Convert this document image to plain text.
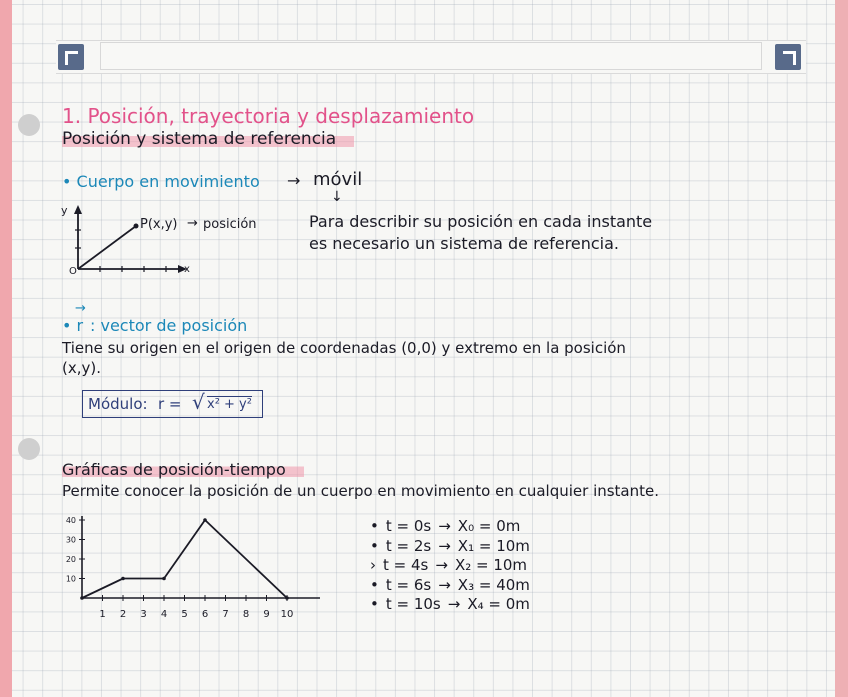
1. Posición, trayectoria y desplazamiento
Posición y sistema de referencia
• Cuerpo en movimiento → móvil
↓
y
O	x
P(x,y) → posición	Para describir su posición en cada instante
es necesario un sistema de referencia.
• r
→
: vector de posición
Tiene su origen en el origen de coordenadas (0,0) y extremo en la posición
(x,y).
Módulo: r = √ x² + y²
Gráficas de posición-tiempo
Permite conocer la posición de un cuerpo en movimiento en cualquier instante.
1 2 3 4 5 6 7 8 9 10
10
20
30
40	• t = 0s → X₀ = 0m
• t = 2s → X₁ = 10m
› t = 4s → X₂ = 10m
• t = 6s → X₃ = 40m
• t = 10s → X₄ = 0m
